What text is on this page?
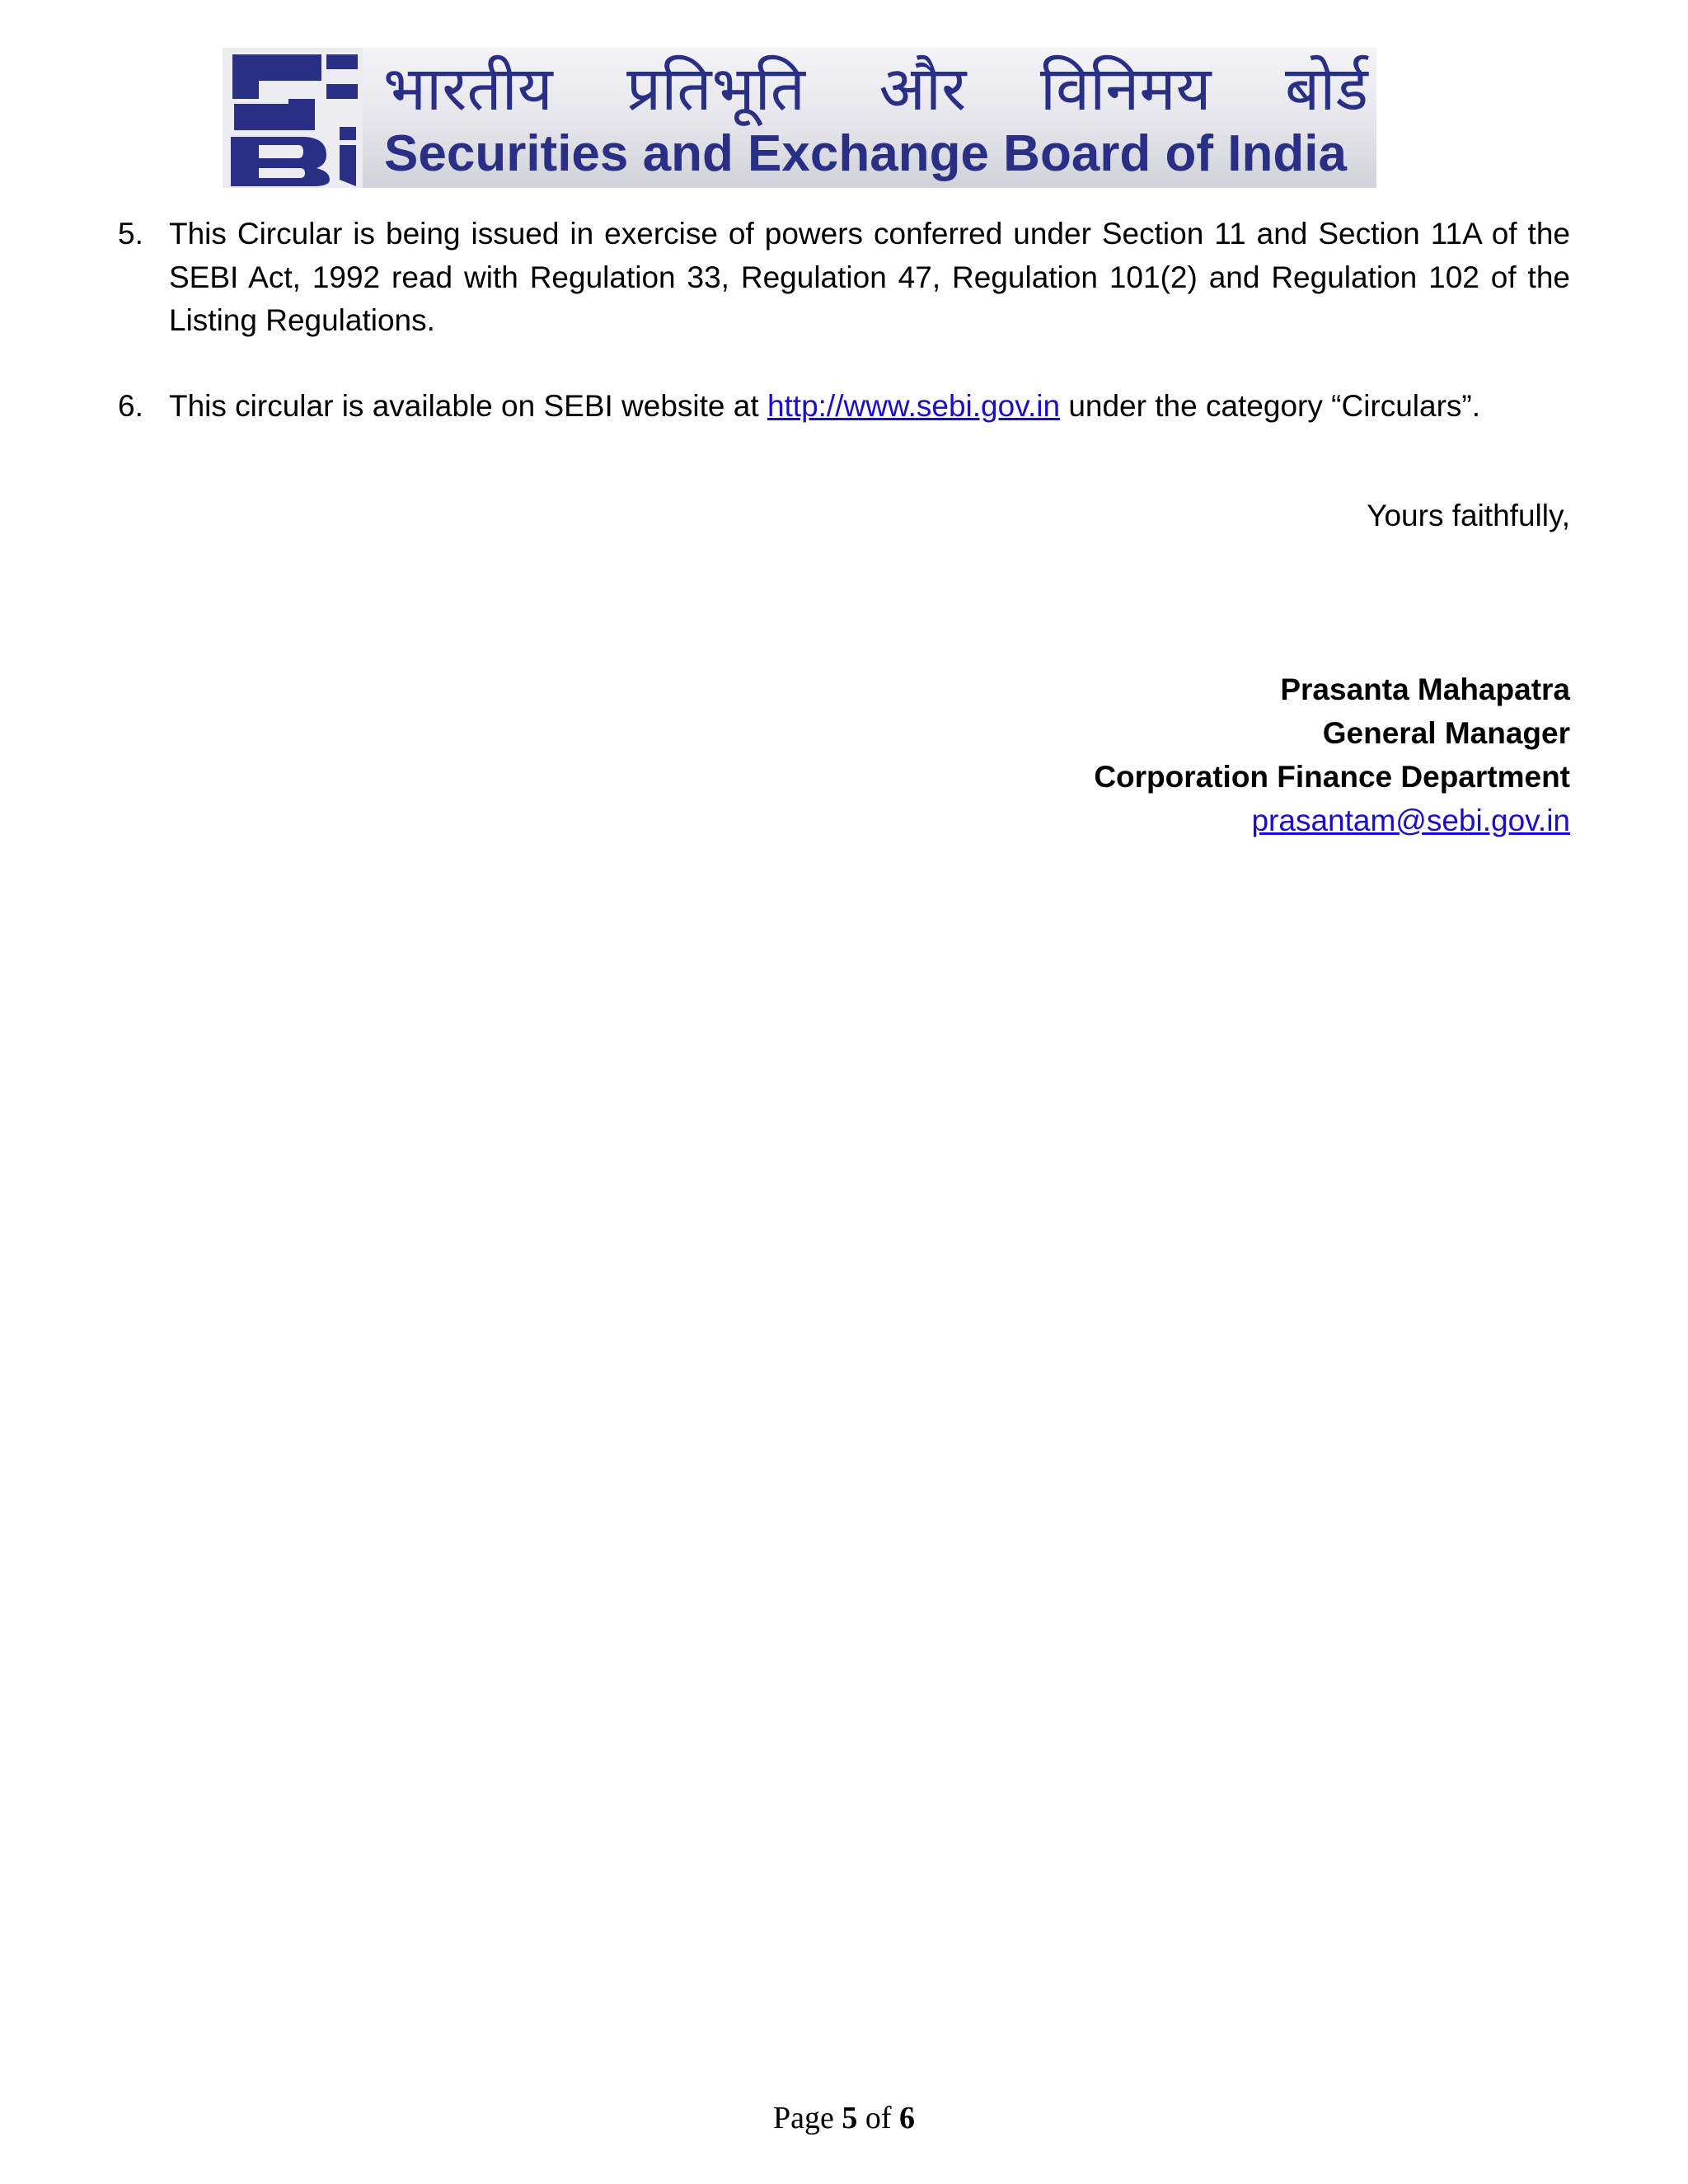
भारतीय प्रतिभूति और विनिमय बोर्ड
Securities and Exchange Board of India
5. This Circular is being issued in exercise of powers conferred under Section 11 and Section 11A of the SEBI Act, 1992 read with Regulation 33, Regulation 47, Regulation 101(2) and Regulation 102 of the Listing Regulations.
6. This circular is available on SEBI website at http://www.sebi.gov.in under the category “Circulars”.
Yours faithfully,
Prasanta Mahapatra
General Manager
Corporation Finance Department
prasantam@sebi.gov.in
Page 5 of 6
